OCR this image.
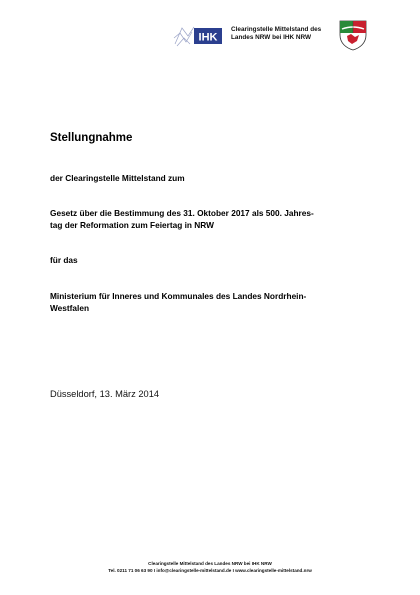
IHK
Clearingstelle Mittelstand des
Landes NRW bei IHK NRW
Stellungnahme
der Clearingstelle Mittelstand zum
Gesetz über die Bestimmung des 31. Oktober 2017 als 500. Jahres-
tag der Reformation zum Feiertag in NRW
für das
Ministerium für Inneres und Kommunales des Landes Nordrhein-
Westfalen
Düsseldorf, 13. März 2014
Clearingstelle Mittelstand des Landes NRW bei IHK NRW
Tel. 0211 71 06 63 90 I info@clearingstelle-mittelstand.de I www.clearingstelle-mittelstand.nrw
